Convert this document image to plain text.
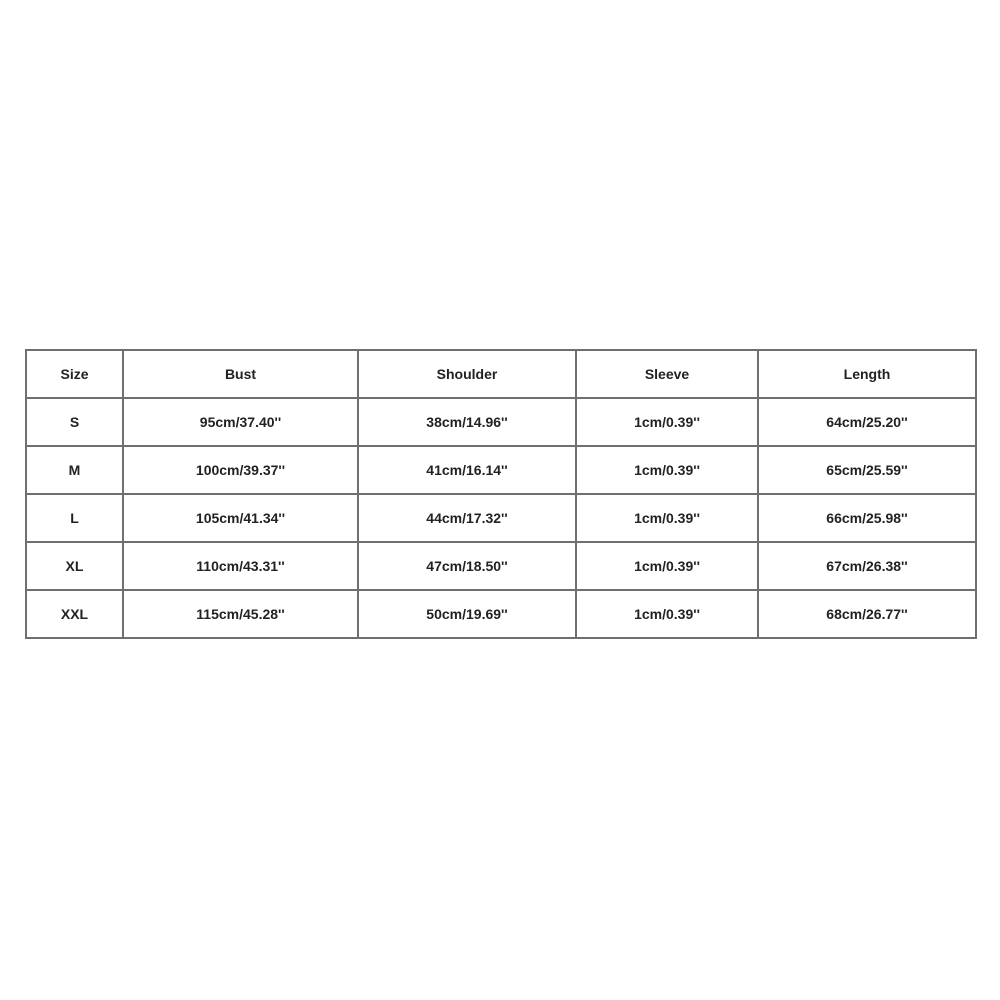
Size	Bust	Shoulder	Sleeve	Length
S	95cm/37.40''	38cm/14.96''	1cm/0.39''	64cm/25.20''
M	100cm/39.37''	41cm/16.14''	1cm/0.39''	65cm/25.59''
L	105cm/41.34''	44cm/17.32''	1cm/0.39''	66cm/25.98''
XL	110cm/43.31''	47cm/18.50''	1cm/0.39''	67cm/26.38''
XXL	115cm/45.28''	50cm/19.69''	1cm/0.39''	68cm/26.77''
